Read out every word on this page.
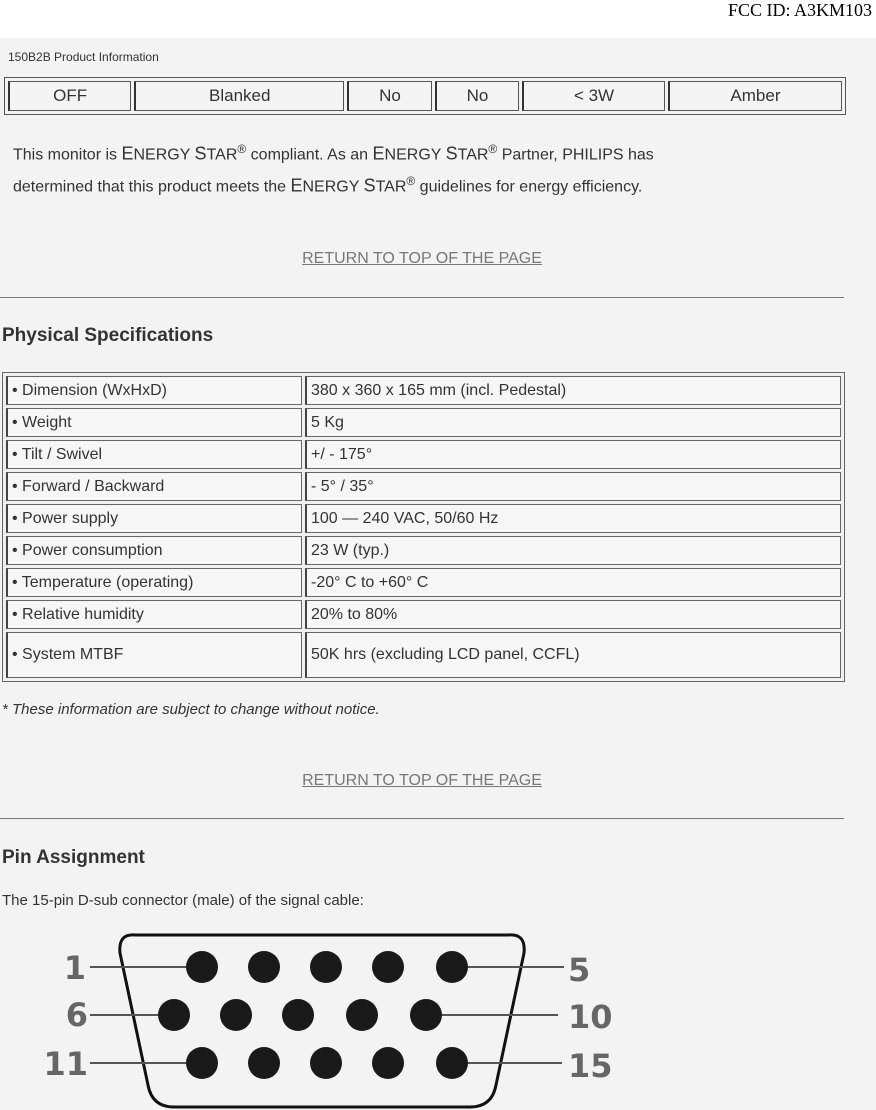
FCC ID: A3KM103
150B2B Product Information
OFF	Blanked	No	No	< 3W	Amber
This monitor is ENERGY STAR® compliant. As an ENERGY STAR® Partner, PHILIPS has
determined that this product meets the ENERGY STAR® guidelines for energy efficiency.
RETURN TO TOP OF THE PAGE
Physical Specifications
• Dimension (WxHxD)	380 x 360 x 165 mm (incl. Pedestal)
• Weight	5 Kg
• Tilt / Swivel	+/ - 175°
• Forward / Backward	- 5° / 35°
• Power supply	100 — 240 VAC, 50/60 Hz
• Power consumption	23 W (typ.)
• Temperature (operating)	-20° C to +60° C
• Relative humidity	20% to 80%
• System MTBF	50K hrs (excluding LCD panel, CCFL)
* These information are subject to change without notice.
RETURN TO TOP OF THE PAGE
Pin Assignment
The 15-pin D-sub connector (male) of the signal cable:
1	5
6	10
11	15
